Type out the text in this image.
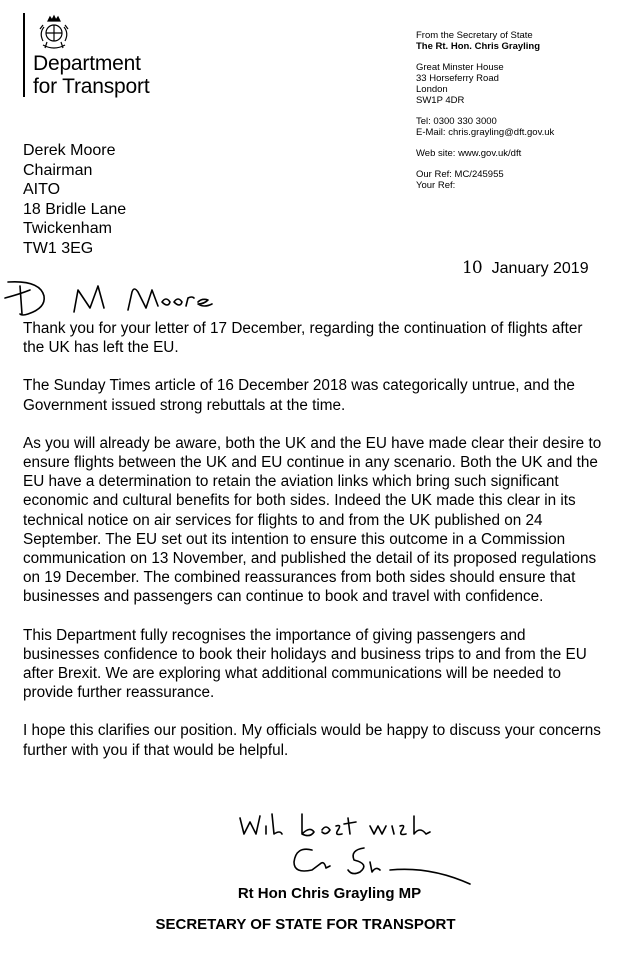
Department
for Transport
From the Secretary of State
The Rt. Hon. Chris Grayling
Great Minster House
33 Horseferry Road
London
SW1P 4DR
Tel: 0300 330 3000
E-Mail: chris.grayling@dft.gov.uk
Web site: www.gov.uk/dft
Our Ref: MC/245955
Your Ref:
Derek Moore
Chairman
AITO
18 Bridle Lane
Twickenham
TW1 3EG
10 January 2019

Thank you for your letter of 17 December, regarding the continuation of flights after the UK has left the EU.

The Sunday Times article of 16 December 2018 was categorically untrue, and the Government issued strong rebuttals at the time.

As you will already be aware, both the UK and the EU have made clear their desire to ensure flights between the UK and EU continue in any scenario. Both the UK and the EU have a determination to retain the aviation links which bring such significant economic and cultural benefits for both sides. Indeed the UK made this clear in its technical notice on air services for flights to and from the UK published on 24 September. The EU set out its intention to ensure this outcome in a Commission communication on 13 November, and published the detail of its proposed regulations on 19 December. The combined reassurances from both sides should ensure that businesses and passengers can continue to book and travel with confidence.

This Department fully recognises the importance of giving passengers and businesses confidence to book their holidays and business trips to and from the EU after Brexit. We are exploring what additional communications will be needed to provide further reassurance.

I hope this clarifies our position. My officials would be happy to discuss your concerns further with you if that would be helpful.

Rt Hon Chris Grayling MP
SECRETARY OF STATE FOR TRANSPORT
